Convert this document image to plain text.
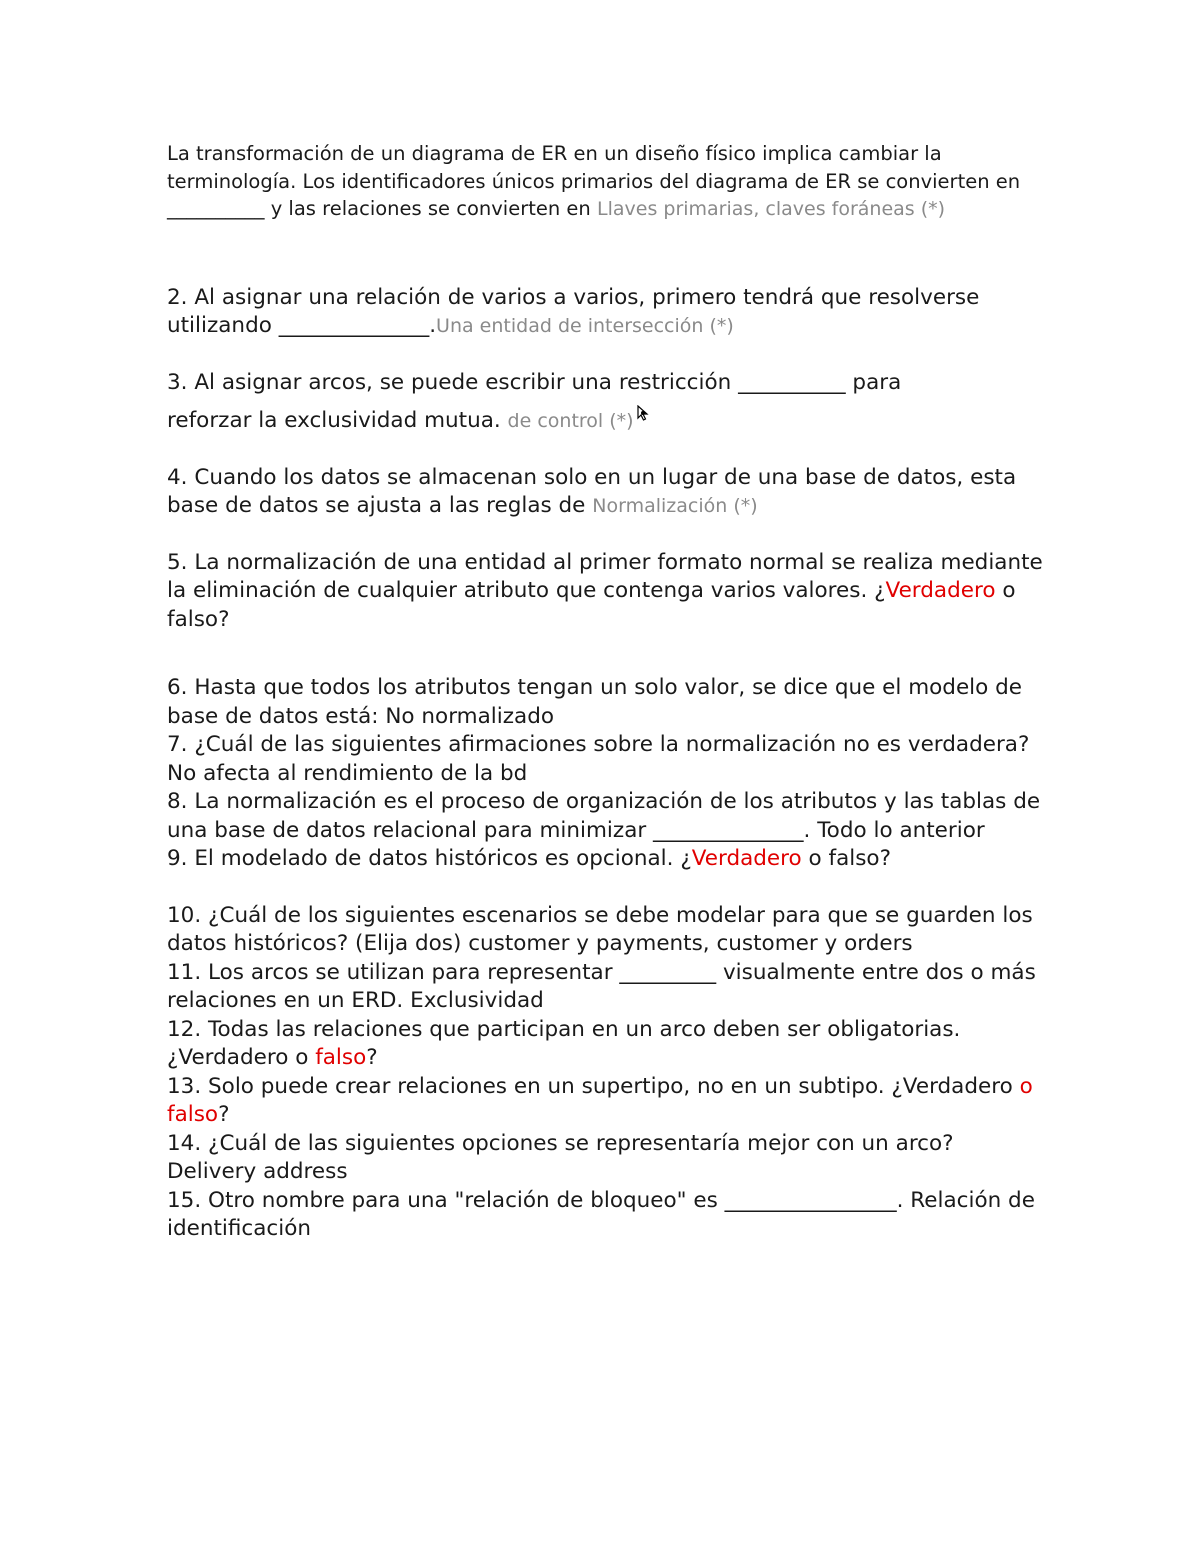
La transformación de un diagrama de ER en un diseño físico implica cambiar la terminología. Los identificadores únicos primarios del diagrama de ER se convierten en __________ y las relaciones se convierten en Llaves primarias, claves foráneas (*)

2. Al asignar una relación de varios a varios, primero tendrá que resolverse utilizando ______________.Una entidad de intersección (*)

3. Al asignar arcos, se puede escribir una restricción __________ para
reforzar la exclusividad mutua. de control (*)

4. Cuando los datos se almacenan solo en un lugar de una base de datos, esta base de datos se ajusta a las reglas de Normalización (*)

5. La normalización de una entidad al primer formato normal se realiza mediante la eliminación de cualquier atributo que contenga varios valores. ¿Verdadero o falso?

6. Hasta que todos los atributos tengan un solo valor, se dice que el modelo de base de datos está: No normalizado

7. ¿Cuál de las siguientes afirmaciones sobre la normalización no es verdadera? No afecta al rendimiento de la bd

8. La normalización es el proceso de organización de los atributos y las tablas de una base de datos relacional para minimizar ______________. Todo lo anterior

9. El modelado de datos históricos es opcional. ¿Verdadero o falso?

10. ¿Cuál de los siguientes escenarios se debe modelar para que se guarden los datos históricos? (Elija dos) customer y payments, customer y orders

11. Los arcos se utilizan para representar _________ visualmente entre dos o más relaciones en un ERD. Exclusividad

12. Todas las relaciones que participan en un arco deben ser obligatorias. ¿Verdadero o falso?

13. Solo puede crear relaciones en un supertipo, no en un subtipo. ¿Verdadero o falso?

14. ¿Cuál de las siguientes opciones se representaría mejor con un arco? Delivery address

15. Otro nombre para una "relación de bloqueo" es ________________. Relación de identificación
